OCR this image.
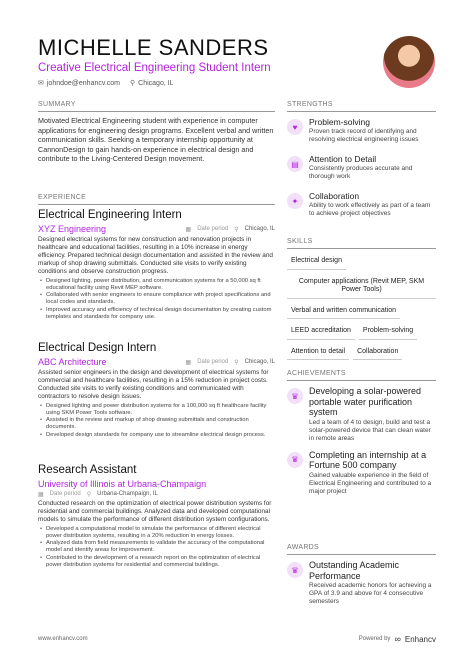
MICHELLE SANDERS
Creative Electrical Engineering Student Intern
✉ johndoe@enhancv.com ⚲ Chicago, IL
SUMMARY
Motivated Electrical Engineering student with experience in computer applications for engineering design programs. Excellent verbal and written communication skills. Seeking a temporary internship opportunity at CannonDesign to gain hands-on experience in electrical design and contribute to the Living-Centered Design movement.
EXPERIENCE
Electrical Engineering Intern
XYZ Engineering	▦ Date period ⚲ Chicago, IL
Designed electrical systems for new construction and renovation projects in healthcare and educational facilities, resulting in a 10% increase in energy efficiency. Prepared technical design documentation and assisted in the review and markup of shop drawing submittals. Conducted site visits to verify existing conditions and observe construction progress.
• Designed lighting, power distribution, and communication systems for a 50,000 sq ft educational facility using Revit MEP software.
• Collaborated with senior engineers to ensure compliance with project specifications and local codes and standards.
• Improved accuracy and efficiency of technical design documentation by creating custom templates and standards for company use.
Electrical Design Intern
ABC Architecture	▦ Date period ⚲ Chicago, IL
Assisted senior engineers in the design and development of electrical systems for commercial and healthcare facilities, resulting in a 15% reduction in project costs. Conducted site visits to verify existing conditions and communicated with contractors to resolve design issues.
• Designed lighting and power distribution systems for a 100,000 sq ft healthcare facility using SKM Power Tools software.
• Assisted in the review and markup of shop drawing submittals and construction documents.
• Developed design standards for company use to streamline electrical design process.
Research Assistant
University of Illinois at Urbana-Champaign
▦ Date period ⚲ Urbana-Champaign, IL
Conducted research on the optimization of electrical power distribution systems for residential and commercial buildings. Analyzed data and developed computational models to simulate the performance of different distribution system configurations.
• Developed a computational model to simulate the performance of different electrical power distribution systems, resulting in a 20% reduction in energy losses.
• Analyzed data from field measurements to validate the accuracy of the computational model and identify areas for improvement.
• Contributed to the development of a research report on the optimization of electrical power distribution systems for residential and commercial buildings.
STRENGTHS
♥	Problem-solving
Proven track record of identifying and resolving electrical engineering issues
▤	Attention to Detail
Consistently produces accurate and thorough work
✦	Collaboration
Ability to work effectively as part of a team to achieve project objectives
SKILLS
Electrical design
Computer applications (Revit MEP, SKM Power Tools)
Verbal and written communication
LEED accreditation	Problem-solving
Attention to detail	Collaboration
ACHIEVEMENTS
♛	Developing a solar-powered portable water purification system
Led a team of 4 to design, build and test a solar-powered device that can clean water in remote areas
♛	Completing an internship at a Fortune 500 company
Gained valuable experience in the field of Electrical Engineering and contributed to a major project
AWARDS
♛	Outstanding Academic Performance
Received academic honors for achieving a GPA of 3.9 and above for 4 consecutive semesters
www.enhancv.com	Powered by ∞ Enhancv
